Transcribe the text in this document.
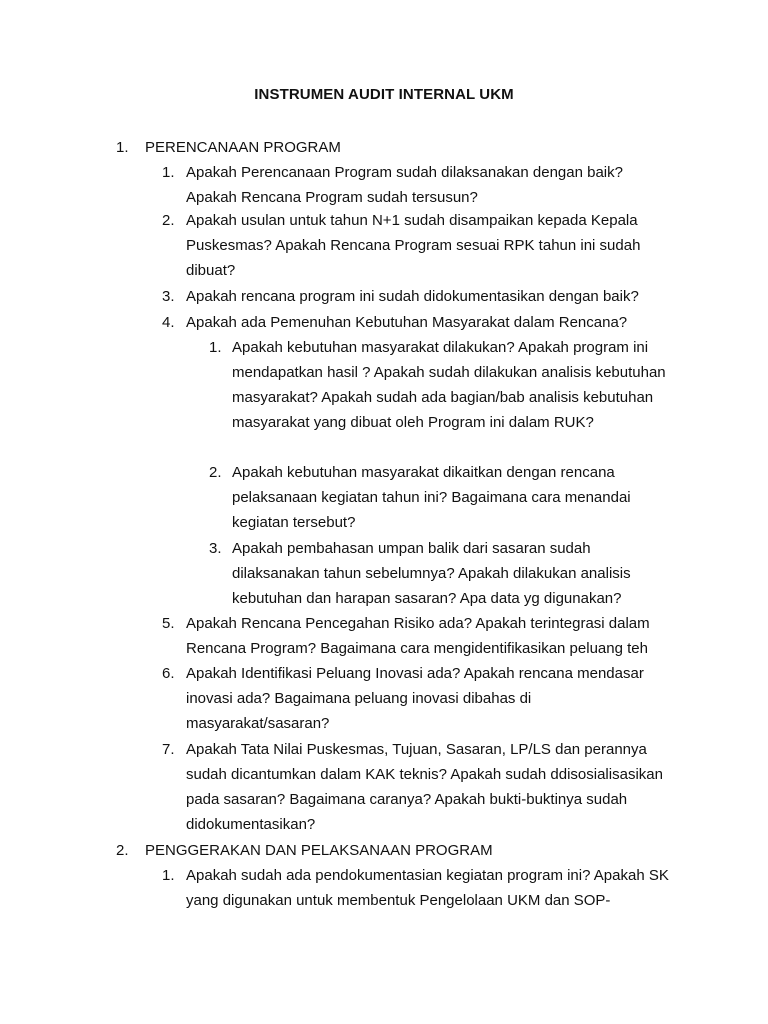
INSTRUMEN AUDIT INTERNAL UKM
1. PERENCANAAN PROGRAM
1. Apakah Perencanaan Program sudah dilaksanakan dengan baik? Apakah Rencana Program sudah tersusun?
2. Apakah usulan untuk tahun N+1 sudah disampaikan kepada Kepala Puskesmas? Apakah Rencana Program sesuai RPK tahun ini sudah dibuat?
3. Apakah rencana program ini sudah didokumentasikan dengan baik?
4. Apakah ada Pemenuhan Kebutuhan Masyarakat dalam Rencana?
1. Apakah kebutuhan masyarakat dilakukan? Apakah program ini mendapatkan hasil ? Apakah sudah dilakukan analisis kebutuhan masyarakat? Apakah sudah ada bagian/bab analisis kebutuhan masyarakat yang dibuat oleh Program ini dalam RUK?
2. Apakah kebutuhan masyarakat dikaitkan dengan rencana pelaksanaan kegiatan tahun ini? Bagaimana cara menandai kegiatan tersebut?
3. Apakah pembahasan umpan balik dari sasaran sudah dilaksanakan tahun sebelumnya? Apakah dilakukan analisis kebutuhan dan harapan sasaran? Apa data yg digunakan?
5. Apakah Rencana Pencegahan Risiko ada? Apakah terintegrasi dalam Rencana Program? Bagaimana cara mengidentifikasikan peluang teh
6. Apakah Identifikasi Peluang Inovasi ada? Apakah rencana mendasar inovasi ada? Bagaimana peluang inovasi dibahas di masyarakat/sasaran?
7. Apakah Tata Nilai Puskesmas, Tujuan, Sasaran, LP/LS dan perannya sudah dicantumkan dalam KAK teknis? Apakah sudah ddisosialisasikan pada sasaran? Bagaimana caranya? Apakah bukti-buktinya sudah didokumentasikan?
2. PENGGERAKAN DAN PELAKSANAAN PROGRAM
1. Apakah sudah ada pendokumentasian kegiatan program ini? Apakah SK yang digunakan untuk membentuk Pengelolaan UKM dan SOP-
